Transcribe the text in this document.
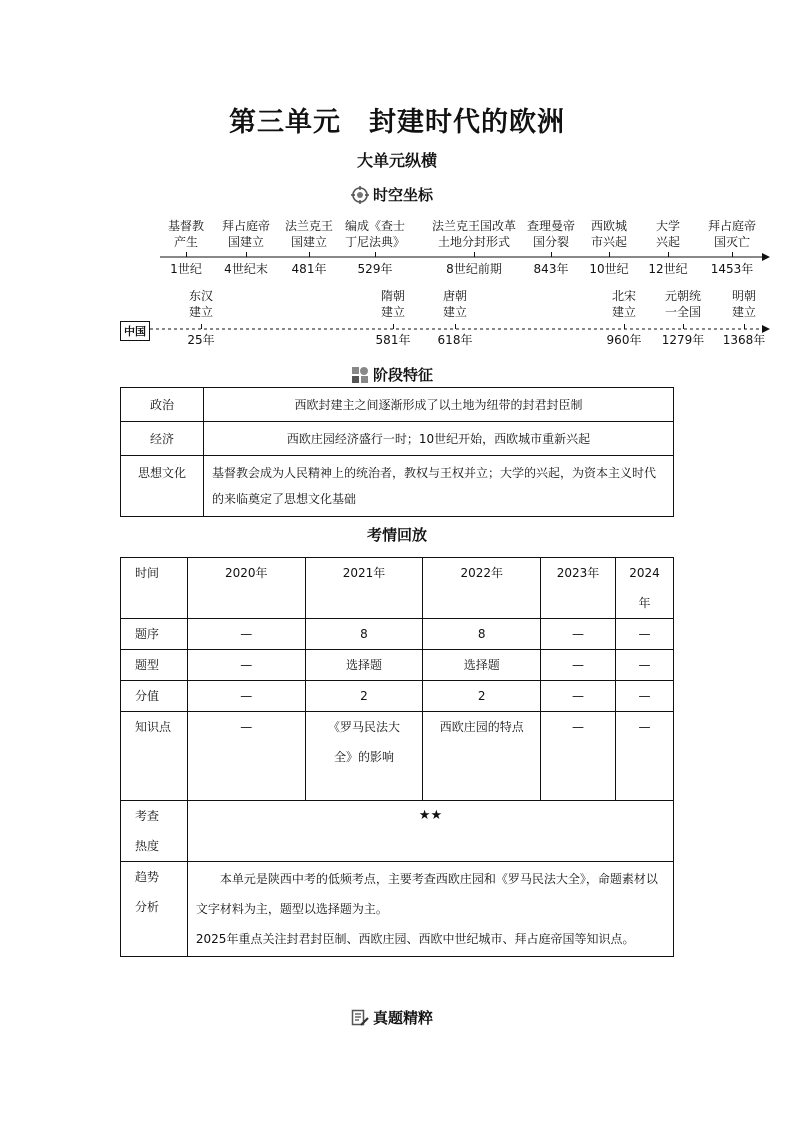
第三单元　封建时代的欧洲
大单元纵横
时空坐标
基督教
产生
1世纪
拜占庭帝
国建立
4世纪末
法兰克王
国建立
481年
编成《查士
丁尼法典》
529年
法兰克王国改革
土地分封形式
8世纪前期
查理曼帝
国分裂
843年
西欧城
市兴起
10世纪
大学
兴起
12世纪
拜占庭帝
国灭亡
1453年
中国
东汉
建立
25年
隋朝
建立
581年
唐朝
建立
618年
北宋
建立
960年
元朝统
一全国
1279年
明朝
建立
1368年
阶段特征
政治	西欧封建主之间逐渐形成了以土地为纽带的封君封臣制
经济	西欧庄园经济盛行一时；10世纪开始，西欧城市重新兴起
思想文化	基督教会成为人民精神上的统治者，教权与王权并立；大学的兴起，为资本主义时代的来临奠定了思想文化基础
考情回放
时间	2020年	2021年	2022年	2023年	2024年
题序	—	8	8	—	—
题型	—	选择题	选择题	—	—
分值	—	2	2	—	—
知识点	—	《罗马民法大全》的影响	西欧庄园的特点	—	—
考查热度	★★				
趋势分析	本单元是陕西中考的低频考点，主要考查西欧庄园和《罗马民法大全》，命题素材以文字材料为主，题型以选择题为主。
2025年重点关注封君封臣制、西欧庄园、西欧中世纪城市、拜占庭帝国等知识点。				
真题精粹
